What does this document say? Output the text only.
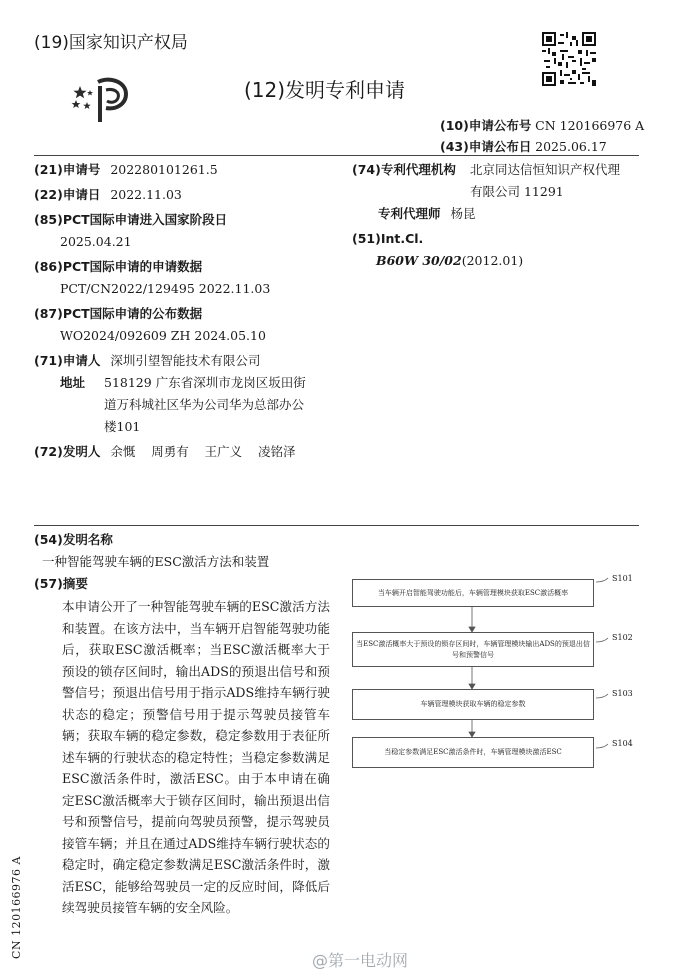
(19)国家知识产权局
(12)发明专利申请
(10)申请公布号 CN 120166976 A
(43)申请公布日 2025.06.17
(21)申请号 202280101261.5
(22)申请日 2022.11.03
(85)PCT国际申请进入国家阶段日
2025.04.21
(86)PCT国际申请的申请数据
PCT/CN2022/129495 2022.11.03
(87)PCT国际申请的公布数据
WO2024/092609 ZH 2024.05.10
(71)申请人 深圳引望智能技术有限公司
地址	518129 广东省深圳市龙岗区坂田街
道万科城社区华为公司华为总部办公
楼101
(72)发明人 余慨    周勇有    王广义    凌铭泽
(74)专利代理机构	北京同达信恒知识产权代理
有限公司 11291
专利代理师 杨昆
(51)Int.Cl.
B60W 30/02(2012.01)
(54)发明名称
一种智能驾驶车辆的ESC激活方法和装置
(57)摘要
本申请公开了一种智能驾驶车辆的ESC激活方法和装置。在该方法中，当车辆开启智能驾驶功能后，获取ESC激活概率；当ESC激活概率大于预设的锁存区间时，输出ADS的预退出信号和预警信号；预退出信号用于指示ADS维持车辆行驶状态的稳定；预警信号用于提示驾驶员接管车辆；获取车辆的稳定参数，稳定参数用于表征所述车辆的行驶状态的稳定特性；当稳定参数满足ESC激活条件时，激活ESC。由于本申请在确定ESC激活概率大于锁存区间时，输出预退出信号和预警信号，提前向驾驶员预警，提示驾驶员接管车辆；并且在通过ADS维持车辆行驶状态的稳定时，确定稳定参数满足ESC激活条件时，激活ESC，能够给驾驶员一定的反应时间，降低后续驾驶员接管车辆的安全风险。
当车辆开启智能驾驶功能后，车辆管理模块获取ESC激活概率
S101
当ESC激活概率大于预设的锁存区间时，车辆管理模块输出ADS的预退出信号和预警信号
S102
车辆管理模块获取车辆的稳定参数
S103
当稳定参数满足ESC激活条件时，车辆管理模块激活ESC
S104
CN 120166976 A
@第一电动网
